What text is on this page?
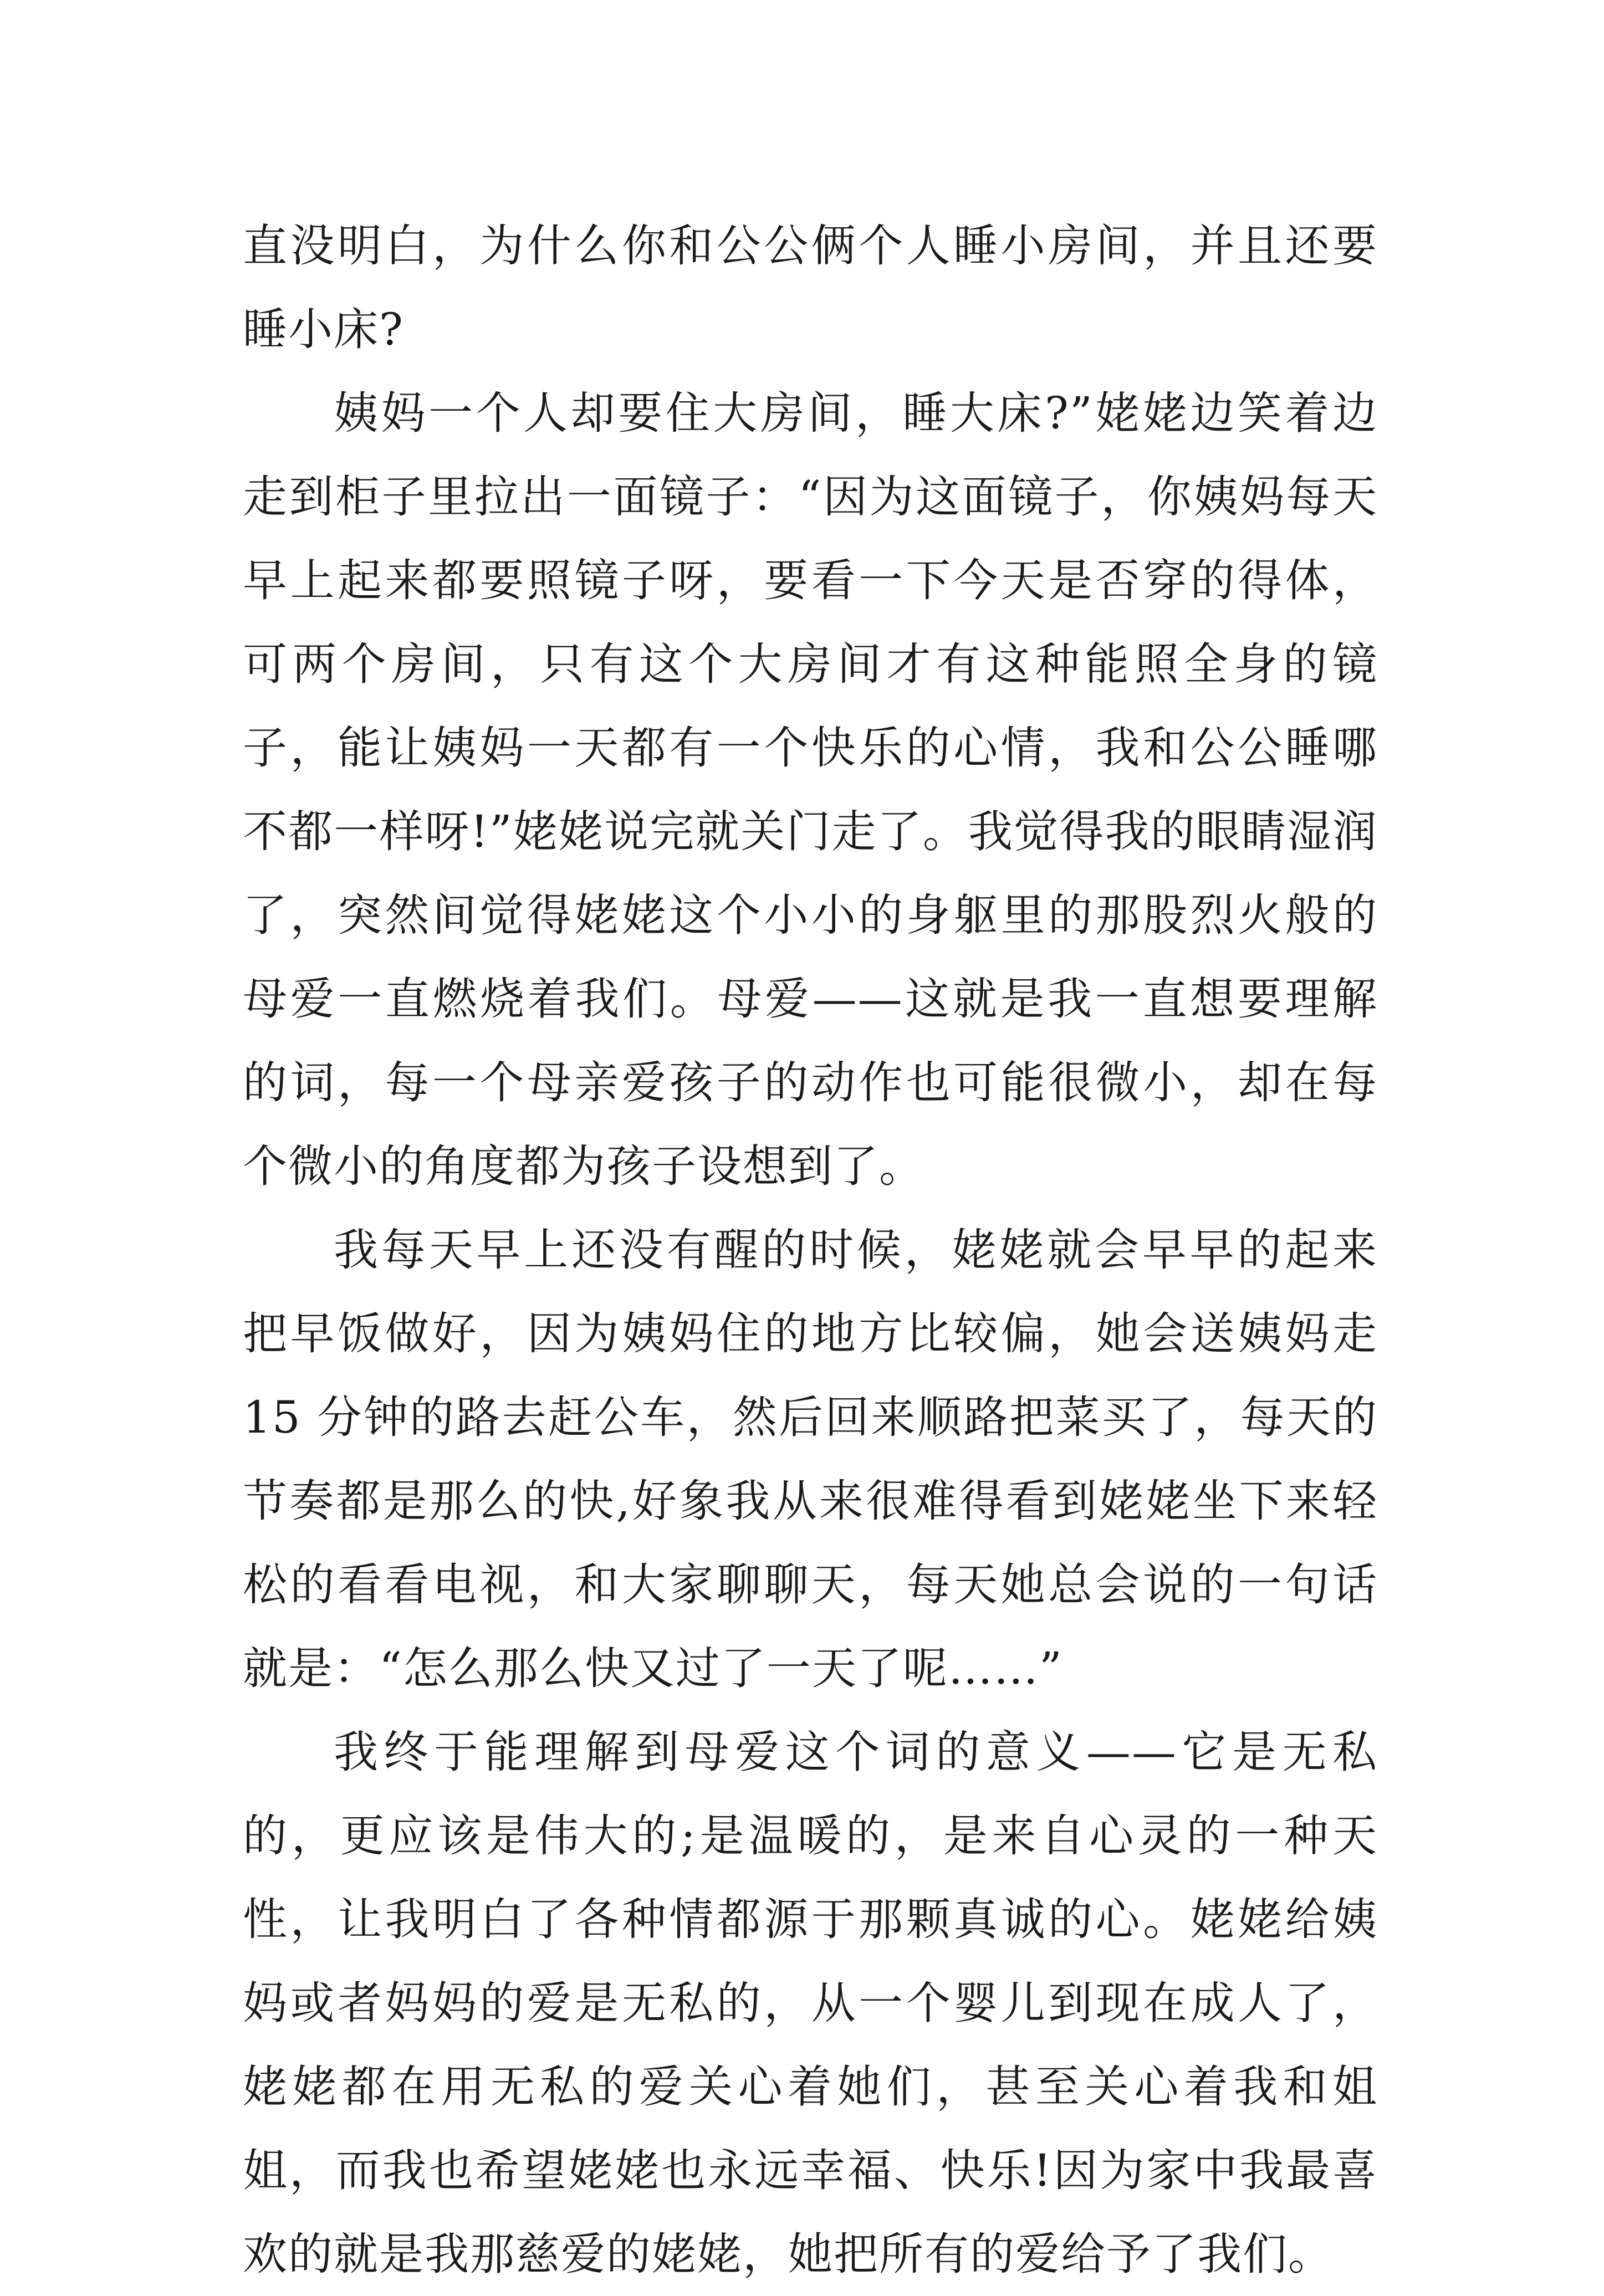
直没明白，为什么你和公公俩个人睡小房间，并且还要睡小床?

姨妈一个人却要住大房间，睡大床?”姥姥边笑着边走到柜子里拉出一面镜子：“因为这面镜子，你姨妈每天早上起来都要照镜子呀，要看一下今天是否穿的得体，可两个房间，只有这个大房间才有这种能照全身的镜子，能让姨妈一天都有一个快乐的心情，我和公公睡哪不都一样呀!”姥姥说完就关门走了。我觉得我的眼睛湿润了，突然间觉得姥姥这个小小的身躯里的那股烈火般的母爱一直燃烧着我们。母爱——这就是我一直想要理解的词，每一个母亲爱孩子的动作也可能很微小，却在每个微小的角度都为孩子设想到了。

我每天早上还没有醒的时候，姥姥就会早早的起来把早饭做好，因为姨妈住的地方比较偏，她会送姨妈走 15 分钟的路去赶公车，然后回来顺路把菜买了，每天的节奏都是那么的快,好象我从来很难得看到姥姥坐下来轻松的看看电视，和大家聊聊天，每天她总会说的一句话就是：“怎么那么快又过了一天了呢……”

我终于能理解到母爱这个词的意义——它是无私的，更应该是伟大的;是温暖的，是来自心灵的一种天性，让我明白了各种情都源于那颗真诚的心。姥姥给姨妈或者妈妈的爱是无私的，从一个婴儿到现在成人了，姥姥都在用无私的爱关心着她们，甚至关心着我和姐姐，而我也希望姥姥也永远幸福、快乐!因为家中我最喜欢的就是我那慈爱的姥姥，她把所有的爱给予了我们。
